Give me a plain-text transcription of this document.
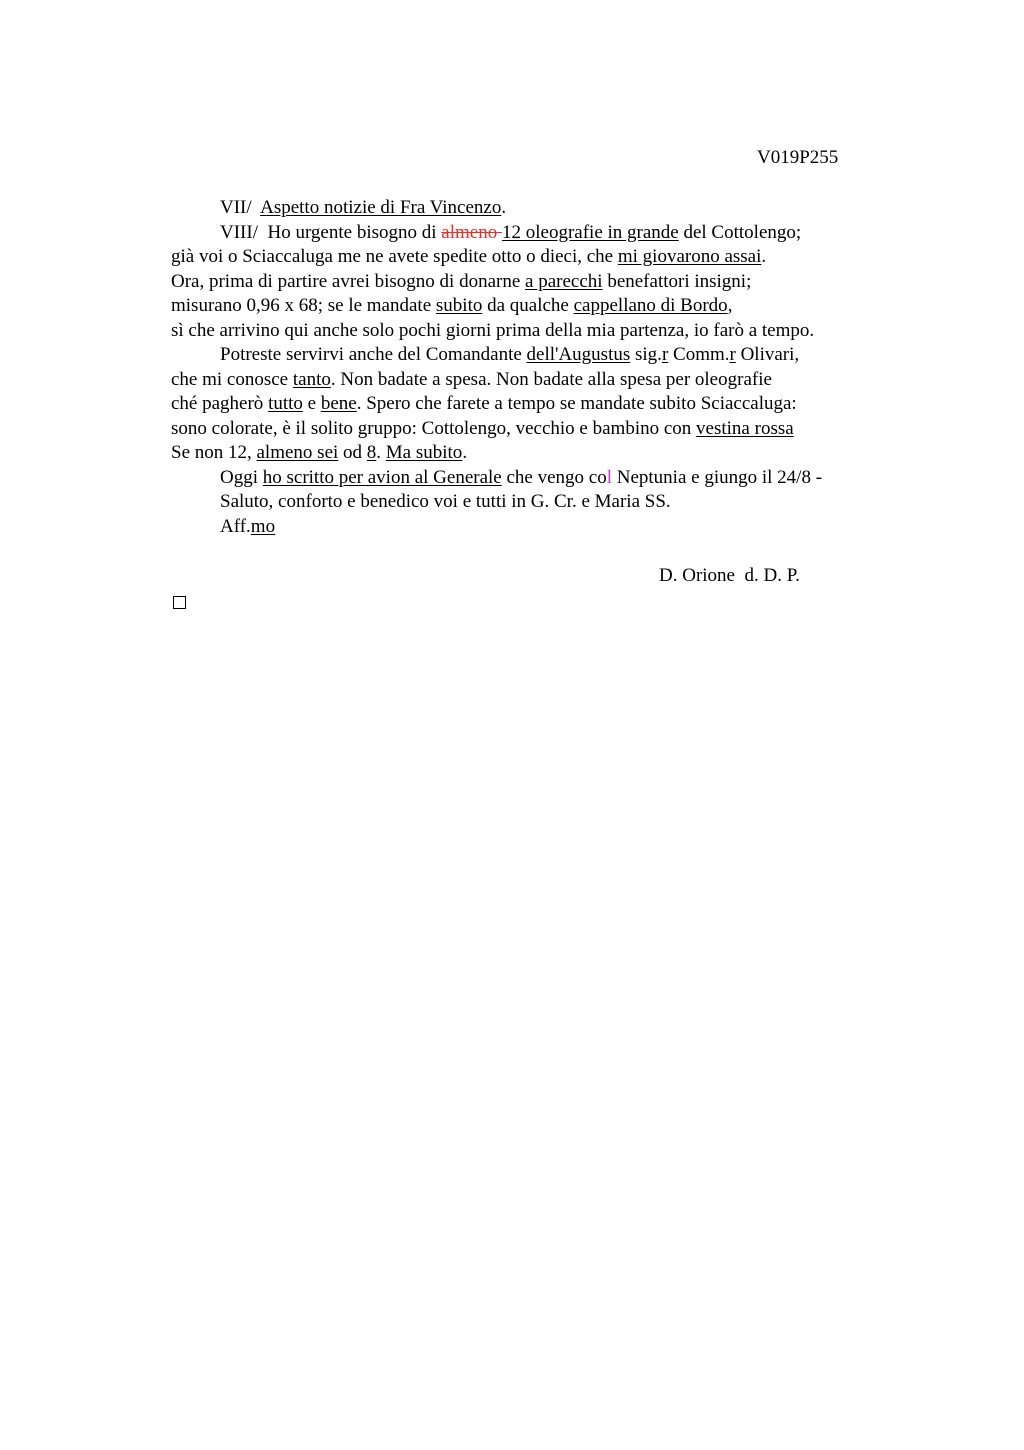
V019P255
VII/  Aspetto notizie di Fra Vincenzo.
VIII/  Ho urgente bisogno di almeno 12 oleografie in grande del Cottolengo;
già voi o Sciaccaluga me ne avete spedite otto o dieci, che mi giovarono assai.
Ora, prima di partire avrei bisogno di donarne a parecchi benefattori insigni;
misurano 0,96 x 68; se le mandate subito da qualche cappellano di Bordo,
sì che arrivino qui anche solo pochi giorni prima della mia partenza, io farò a tempo.
Potreste servirvi anche del Comandante dell'Augustus sig.r Comm.r Olivari,
che mi conosce tanto. Non badate a spesa. Non badate alla spesa per oleografie
ché pagherò tutto e bene. Spero che farete a tempo se mandate subito Sciaccaluga:
sono colorate, è il solito gruppo: Cottolengo, vecchio e bambino con vestina rossa
Se non 12, almeno sei od 8. Ma subito.
Oggi ho scritto per avion al Generale che vengo col Neptunia e giungo il 24/8 -
Saluto, conforto e benedico voi e tutti in G. Cr. e Maria SS.
Aff.mo
D. Orione  d. D. P.
